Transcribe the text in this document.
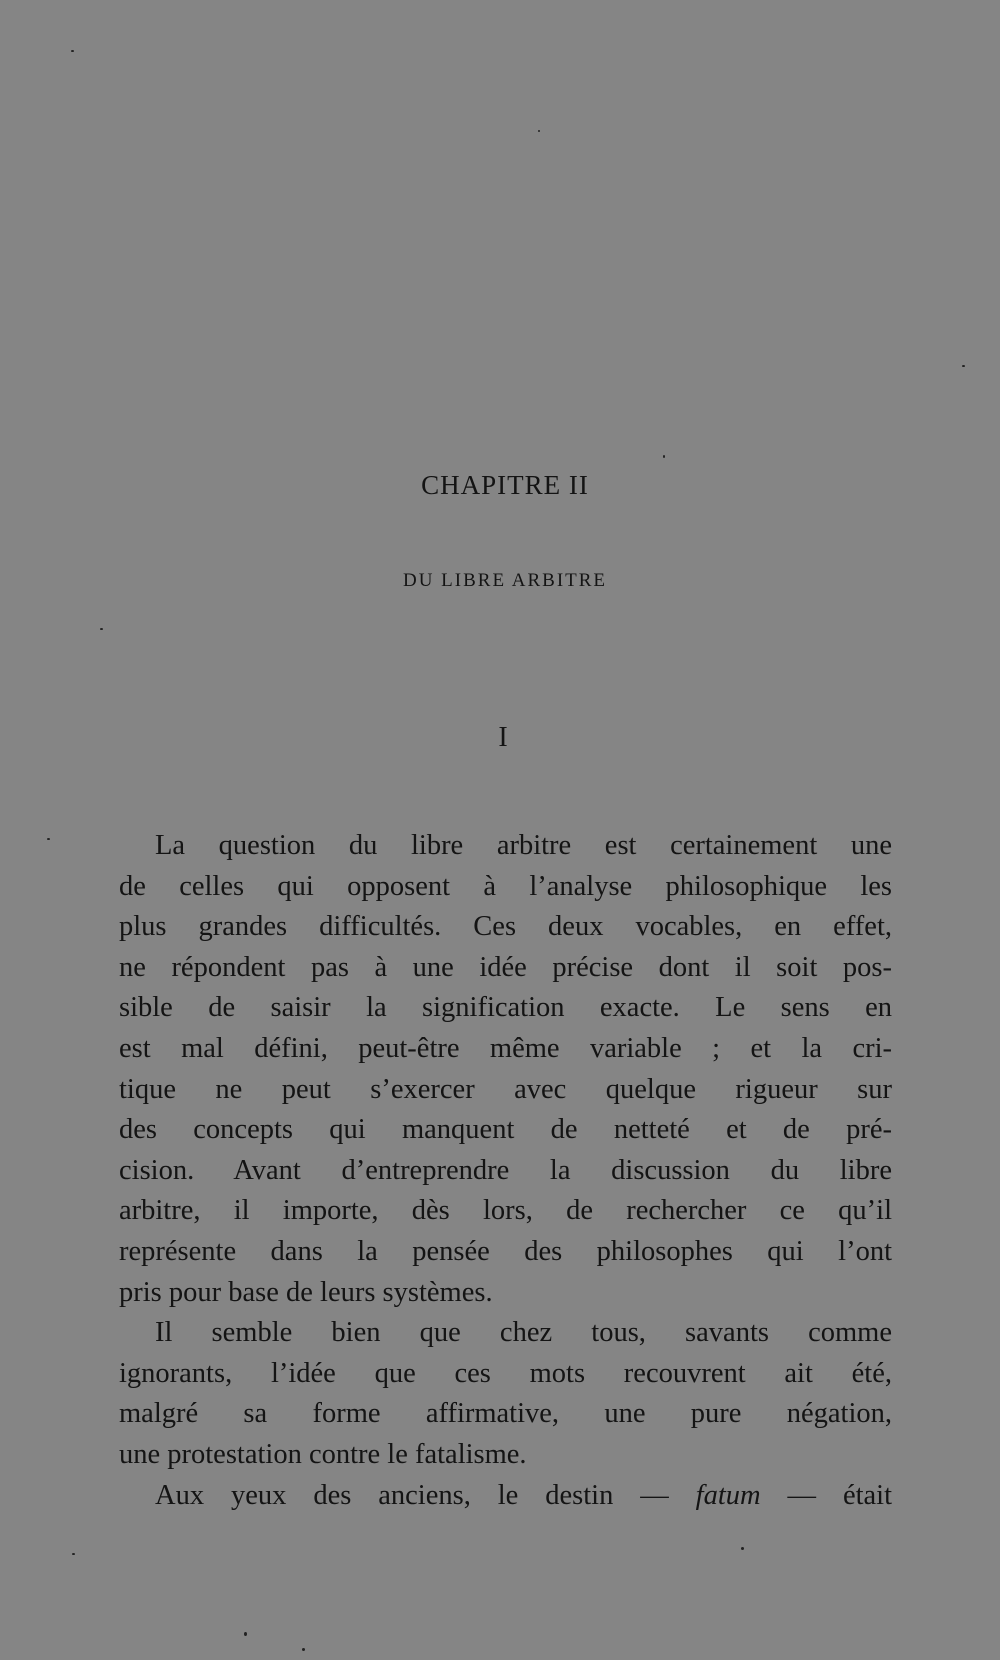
CHAPITRE II
DU LIBRE ARBITRE
I
La question du libre arbitre est certainement une
de celles qui opposent à l’analyse philosophique les
plus grandes difficultés. Ces deux vocables, en effet,
ne répondent pas à une idée précise dont il soit pos-
sible de saisir la signification exacte. Le sens en
est mal défini, peut-être même variable ; et la cri-
tique ne peut s’exercer avec quelque rigueur sur
des concepts qui manquent de netteté et de pré-
cision. Avant d’entreprendre la discussion du libre
arbitre, il importe, dès lors, de rechercher ce qu’il
représente dans la pensée des philosophes qui l’ont
pris pour base de leurs systèmes.
Il semble bien que chez tous, savants comme
ignorants, l’idée que ces mots recouvrent ait été,
malgré sa forme affirmative, une pure négation,
une protestation contre le fatalisme.
Aux yeux des anciens, le destin — fatum — était
